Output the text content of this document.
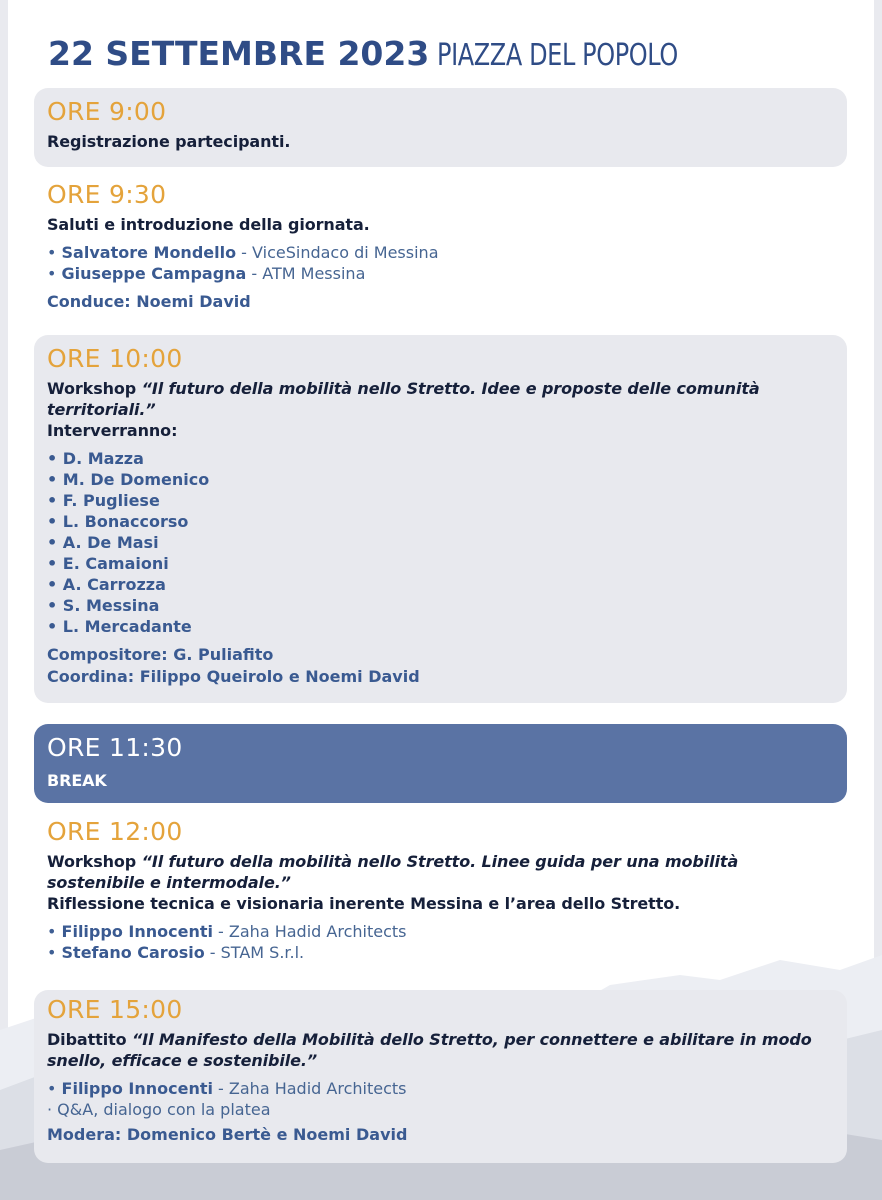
22 SETTEMBRE 2023 PIAZZA DEL POPOLO
ORE 9:00
Registrazione partecipanti.
ORE 9:30
Saluti e introduzione della giornata.
• Salvatore Mondello - ViceSindaco di Messina
• Giuseppe Campagna - ATM Messina
Conduce: Noemi David
ORE 10:00
Workshop “Il futuro della mobilità nello Stretto. Idee e proposte delle comunità territoriali.”
Interverranno:
• D. Mazza
• M. De Domenico
• F. Pugliese
• L. Bonaccorso
• A. De Masi
• E. Camaioni
• A. Carrozza
• S. Messina
• L. Mercadante
Compositore: G. Puliafito
Coordina: Filippo Queirolo e Noemi David
ORE 11:30
BREAK
ORE 12:00
Workshop “Il futuro della mobilità nello Stretto. Linee guida per una mobilità sostenibile e intermodale.”
Riflessione tecnica e visionaria inerente Messina e l’area dello Stretto.
• Filippo Innocenti - Zaha Hadid Architects
• Stefano Carosio - STAM S.r.l.
ORE 15:00
Dibattito “Il Manifesto della Mobilità dello Stretto, per connettere e abilitare in modo snello, efficace e sostenibile.”
• Filippo Innocenti - Zaha Hadid Architects
· Q&A, dialogo con la platea
Modera: Domenico Bertè e Noemi David
